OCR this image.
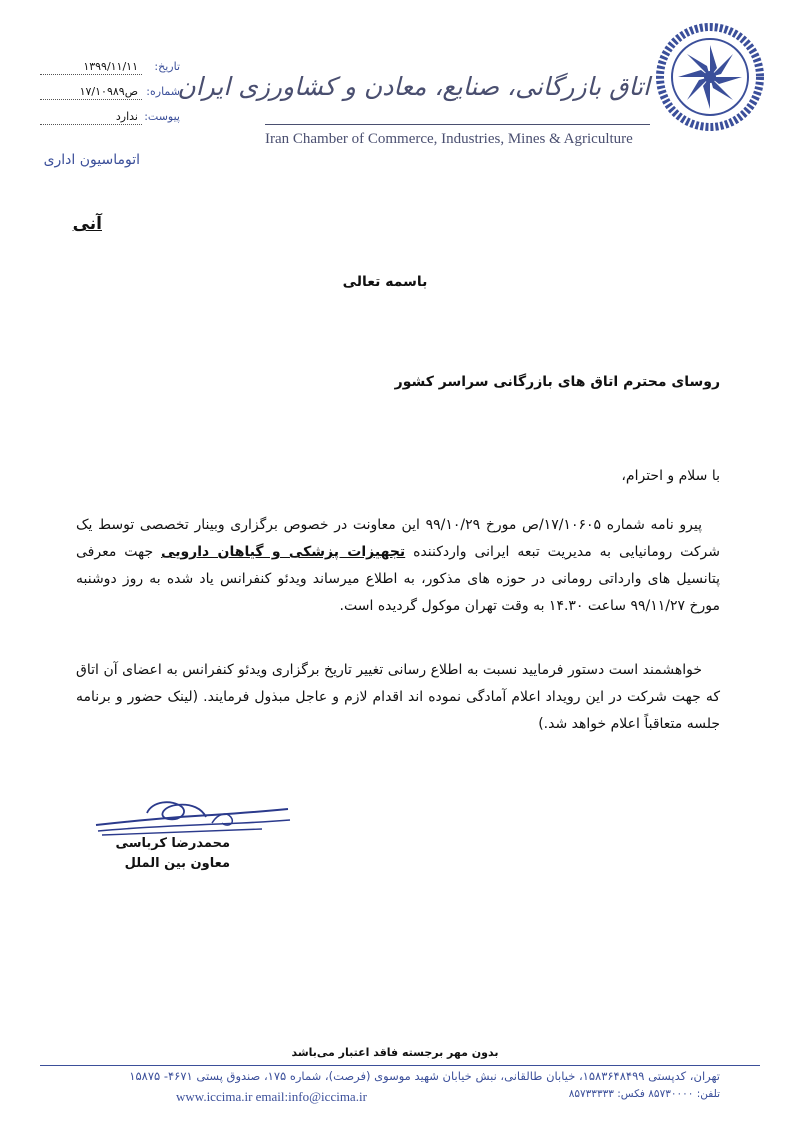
۱۳۹۹/۱۱/۱۱	تاریخ:
۱۷/۱۰۹۸۹ص شماره:
ندارد پیوست:
اتوماسیون اداری
اتاق بازرگانی، صنایع، معادن و کشاورزی ایران
Iran Chamber of Commerce, Industries, Mines & Agriculture
آنی
باسمه تعالی
روسای محترم اتاق های بازرگانی سراسر کشور
با سلام و احترام،
پیرو نامه شماره ۱۷/۱۰۶۰۵/ص مورخ ۹۹/۱۰/۲۹ این معاونت در خصوص برگزاری وبینار تخصصی توسط یک شرکت رومانیایی به مدیریت تبعه ایرانی واردکننده تجهیزات پزشکی و گیاهان دارویی جهت معرفی پتانسیل های وارداتی رومانی در حوزه های مذکور، به اطلاع میرساند ویدئو کنفرانس یاد شده به روز دوشنبه مورخ ۹۹/۱۱/۲۷ ساعت ۱۴.۳۰ به وقت تهران موکول گردیده است.
خواهشمند است دستور فرمایید نسبت به اطلاع رسانی تغییر تاریخ برگزاری ویدئو کنفرانس به اعضای آن اتاق که جهت شرکت در این رویداد اعلام آمادگی نموده اند اقدام لازم و عاجل مبذول فرمایند. (لینک حضور و برنامه جلسه متعاقباً اعلام خواهد شد.)
محمدرضا کرباسی
معاون بین الملل
بدون مهر برجسته فاقد اعتبار می‌باشد
تهران، کدپستی ۱۵۸۳۶۴۸۴۹۹، خیابان طالقانی، نبش خیابان شهید موسوی (فرصت)، شماره ۱۷۵، صندوق پستی ۴۶۷۱- ۱۵۸۷۵
تلفن: ۸۵۷۳۰۰۰۰ فکس: ۸۵۷۳۳۳۳۳
www.iccima.ir email:info@iccima.ir
